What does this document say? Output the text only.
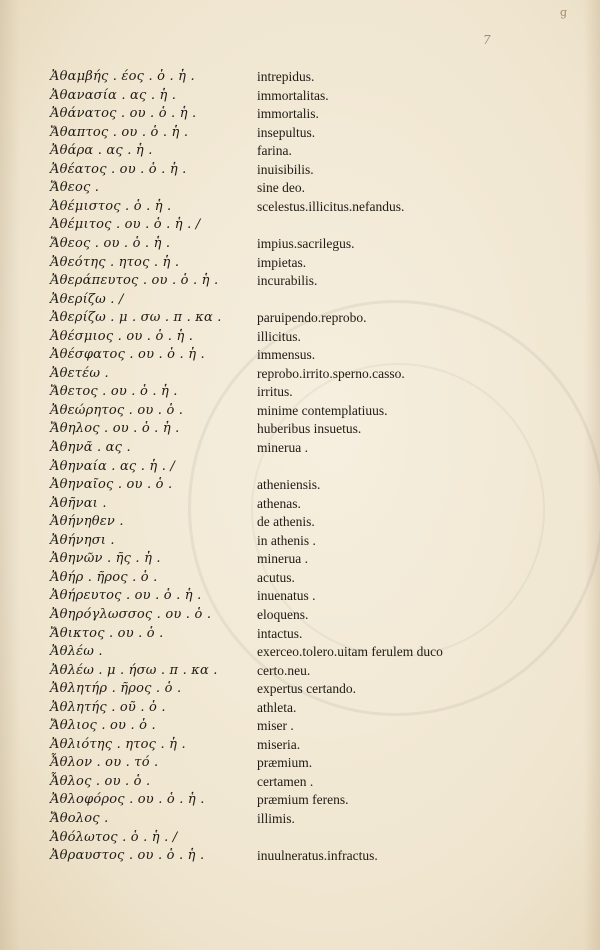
ɡ
7
Ἀθαμβής . έος . ὁ . ἡ .	intrepidus.
Ἀθανασία . ας . ἡ .	immortalitas.
Ἀθάνατος . ου . ὁ . ἡ .	immortalis.
Ἄθαπτος . ου . ὁ . ἡ .	insepultus.
Ἀθάρα . ας . ἡ .	farina.
Ἀθέατος . ου . ὁ . ἡ .	inuisibilis.
Ἄθεος .	sine deo.
Ἀθέμιστος . ὁ . ἡ .	scelestus.illicitus.nefandus.
Ἀθέμιτος . ου . ὁ . ἡ . /
Ἄθεος . ου . ὁ . ἡ .	impius.sacrilegus.
Ἀθεότης . ητος . ἡ .	impietas.
Ἀθεράπευτος . ου . ὁ . ἡ .	incurabilis.
Ἀθερίζω . /
Ἀθερίζω . μ . σω . π . κα .	paruipendo.reprobo.
Ἀθέσμιος . ου . ὁ . ἡ .	illicitus.
Ἀθέσφατος . ου . ὁ . ἡ .	immensus.
Ἀθετέω .	reprobo.irrito.sperno.casso.
Ἄθετος . ου . ὁ . ἡ .	irritus.
Ἀθεώρητος . ου . ὁ .	minime contemplatiuus.
Ἄθηλος . ου . ὁ . ἡ .	huberibus insuetus.
Ἀθηνᾶ . ας .	minerua .
Ἀθηναία . ας . ἡ . /
Ἀθηναῖος . ου . ὁ .	atheniensis.
Ἀθῆναι .	athenas.
Ἀθήνηθεν .	de athenis.
Ἀθήνησι .	in athenis .
Ἀθηνῶν . ῆς . ἡ .	minerua .
Ἀθήρ . ῆρος . ὁ .	acutus.
Ἀθήρευτος . ου . ὁ . ἡ .	inuenatus .
Ἀθηρόγλωσσος . ου . ὁ .	eloquens.
Ἄθικτος . ου . ὁ .	intactus.
Ἀθλέω .	exerceo.tolero.uitam ferulem duco
Ἀθλέω . μ . ήσω . π . κα .	certo.neu.
Ἀθλητήρ . ῆρος . ὁ .	expertus certando.
Ἀθλητής . οῦ . ὁ .	athleta.
Ἄθλιος . ου . ὁ .	miser .
Ἀθλιότης . ητος . ἡ .	miseria.
Ἆθλον . ου . τό .	præmium.
Ἆθλος . ου . ὁ .	certamen .
Ἀθλοφόρος . ου . ὁ . ἡ .	præmium ferens.
Ἄθολος .	illimis.
Ἀθόλωτος . ὁ . ἡ . /
Ἀθραυστος . ου . ὁ . ἡ .	inuulneratus.infractus.
